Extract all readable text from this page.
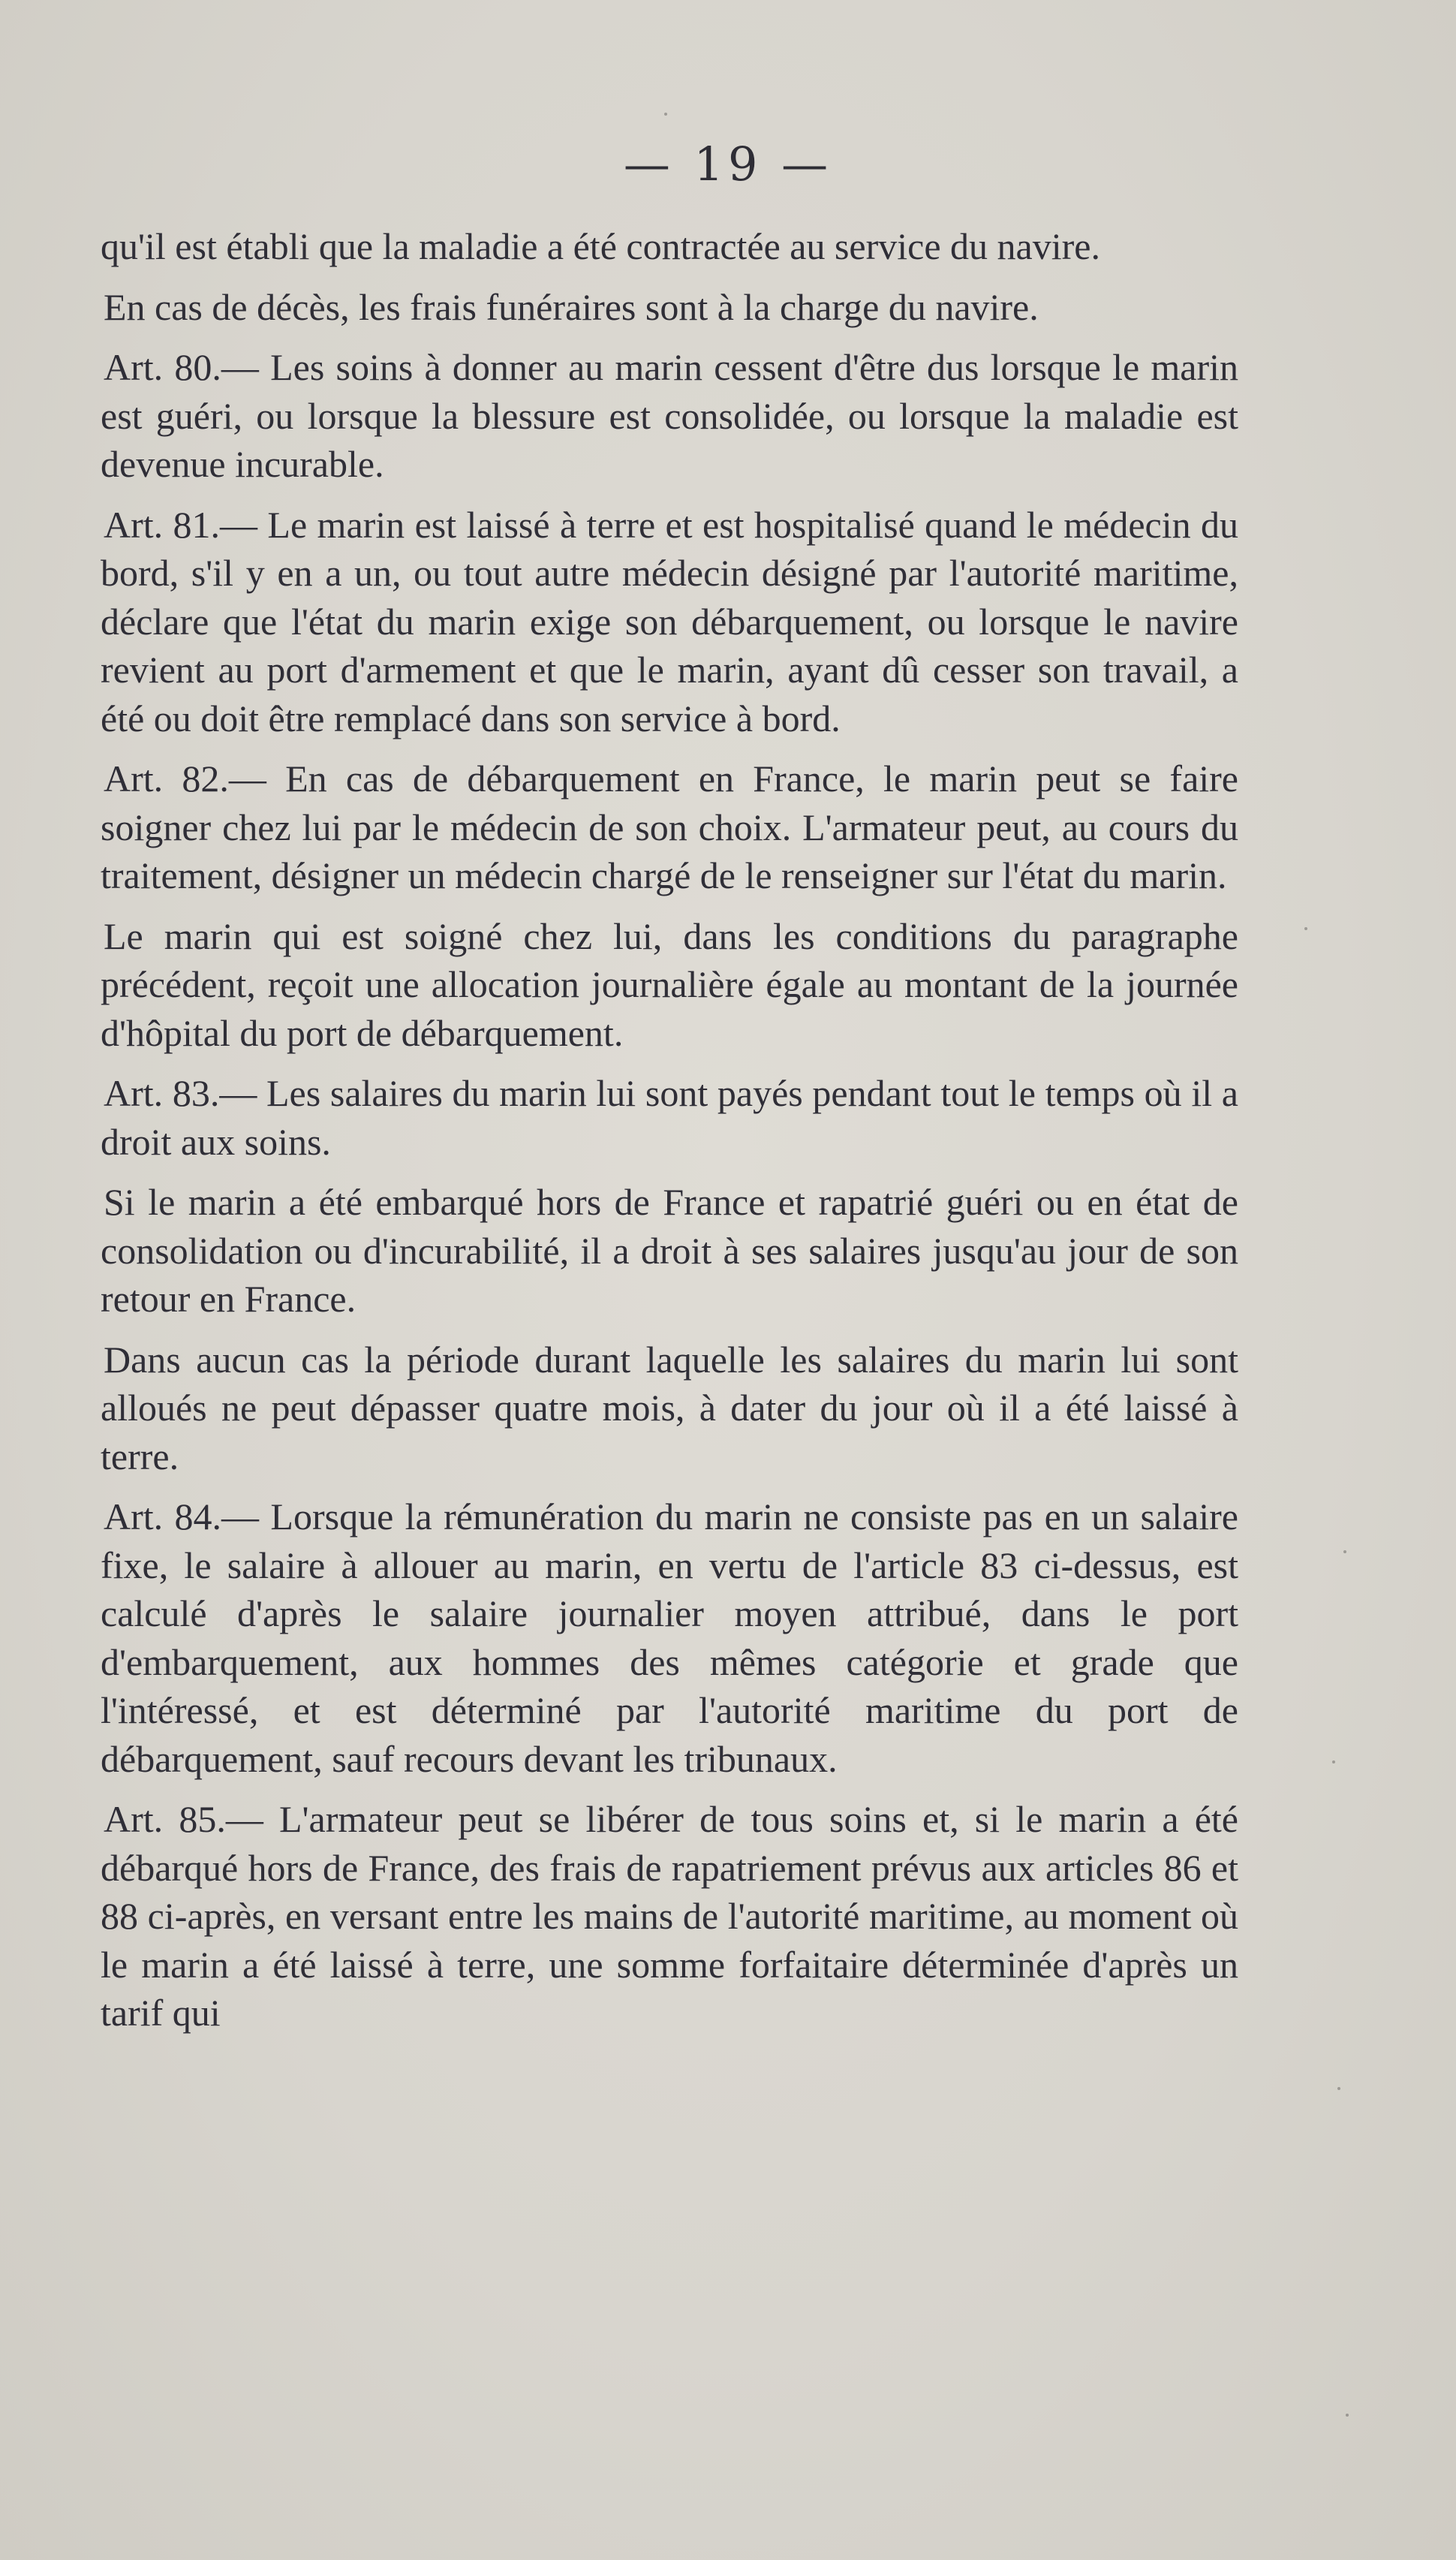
— 19 —

qu'il est établi que la maladie a été contractée au service du navire.

En cas de décès, les frais funéraires sont à la charge du navire.

Art. 80.— Les soins à donner au marin cessent d'être dus lorsque le marin est guéri, ou lorsque la blessure est consolidée, ou lorsque la maladie est devenue incurable.

Art. 81.— Le marin est laissé à terre et est hospitalisé quand le médecin du bord, s'il y en a un, ou tout autre médecin désigné par l'autorité maritime, déclare que l'état du marin exige son débarquement, ou lorsque le navire revient au port d'armement et que le marin, ayant dû cesser son travail, a été ou doit être remplacé dans son service à bord.

Art. 82.— En cas de débarquement en France, le marin peut se faire soigner chez lui par le médecin de son choix. L'armateur peut, au cours du traitement, désigner un médecin chargé de le renseigner sur l'état du marin.

Le marin qui est soigné chez lui, dans les conditions du paragraphe précédent, reçoit une allocation journalière égale au montant de la journée d'hôpital du port de débarquement.

Art. 83.— Les salaires du marin lui sont payés pendant tout le temps où il a droit aux soins.

Si le marin a été embarqué hors de France et rapatrié guéri ou en état de consolidation ou d'incurabilité, il a droit à ses salaires jusqu'au jour de son retour en France.

Dans aucun cas la période durant laquelle les salaires du marin lui sont alloués ne peut dépasser quatre mois, à dater du jour où il a été laissé à terre.

Art. 84.— Lorsque la rémunération du marin ne consiste pas en un salaire fixe, le salaire à allouer au marin, en vertu de l'article 83 ci-dessus, est calculé d'après le salaire journalier moyen attribué, dans le port d'embarquement, aux hommes des mêmes catégorie et grade que l'intéressé, et est déterminé par l'autorité maritime du port de débarquement, sauf recours devant les tribunaux.

Art. 85.— L'armateur peut se libérer de tous soins et, si le marin a été débarqué hors de France, des frais de rapatriement prévus aux articles 86 et 88 ci-après, en versant entre les mains de l'autorité maritime, au moment où le marin a été laissé à terre, une somme forfaitaire déterminée d'après un tarif qui
